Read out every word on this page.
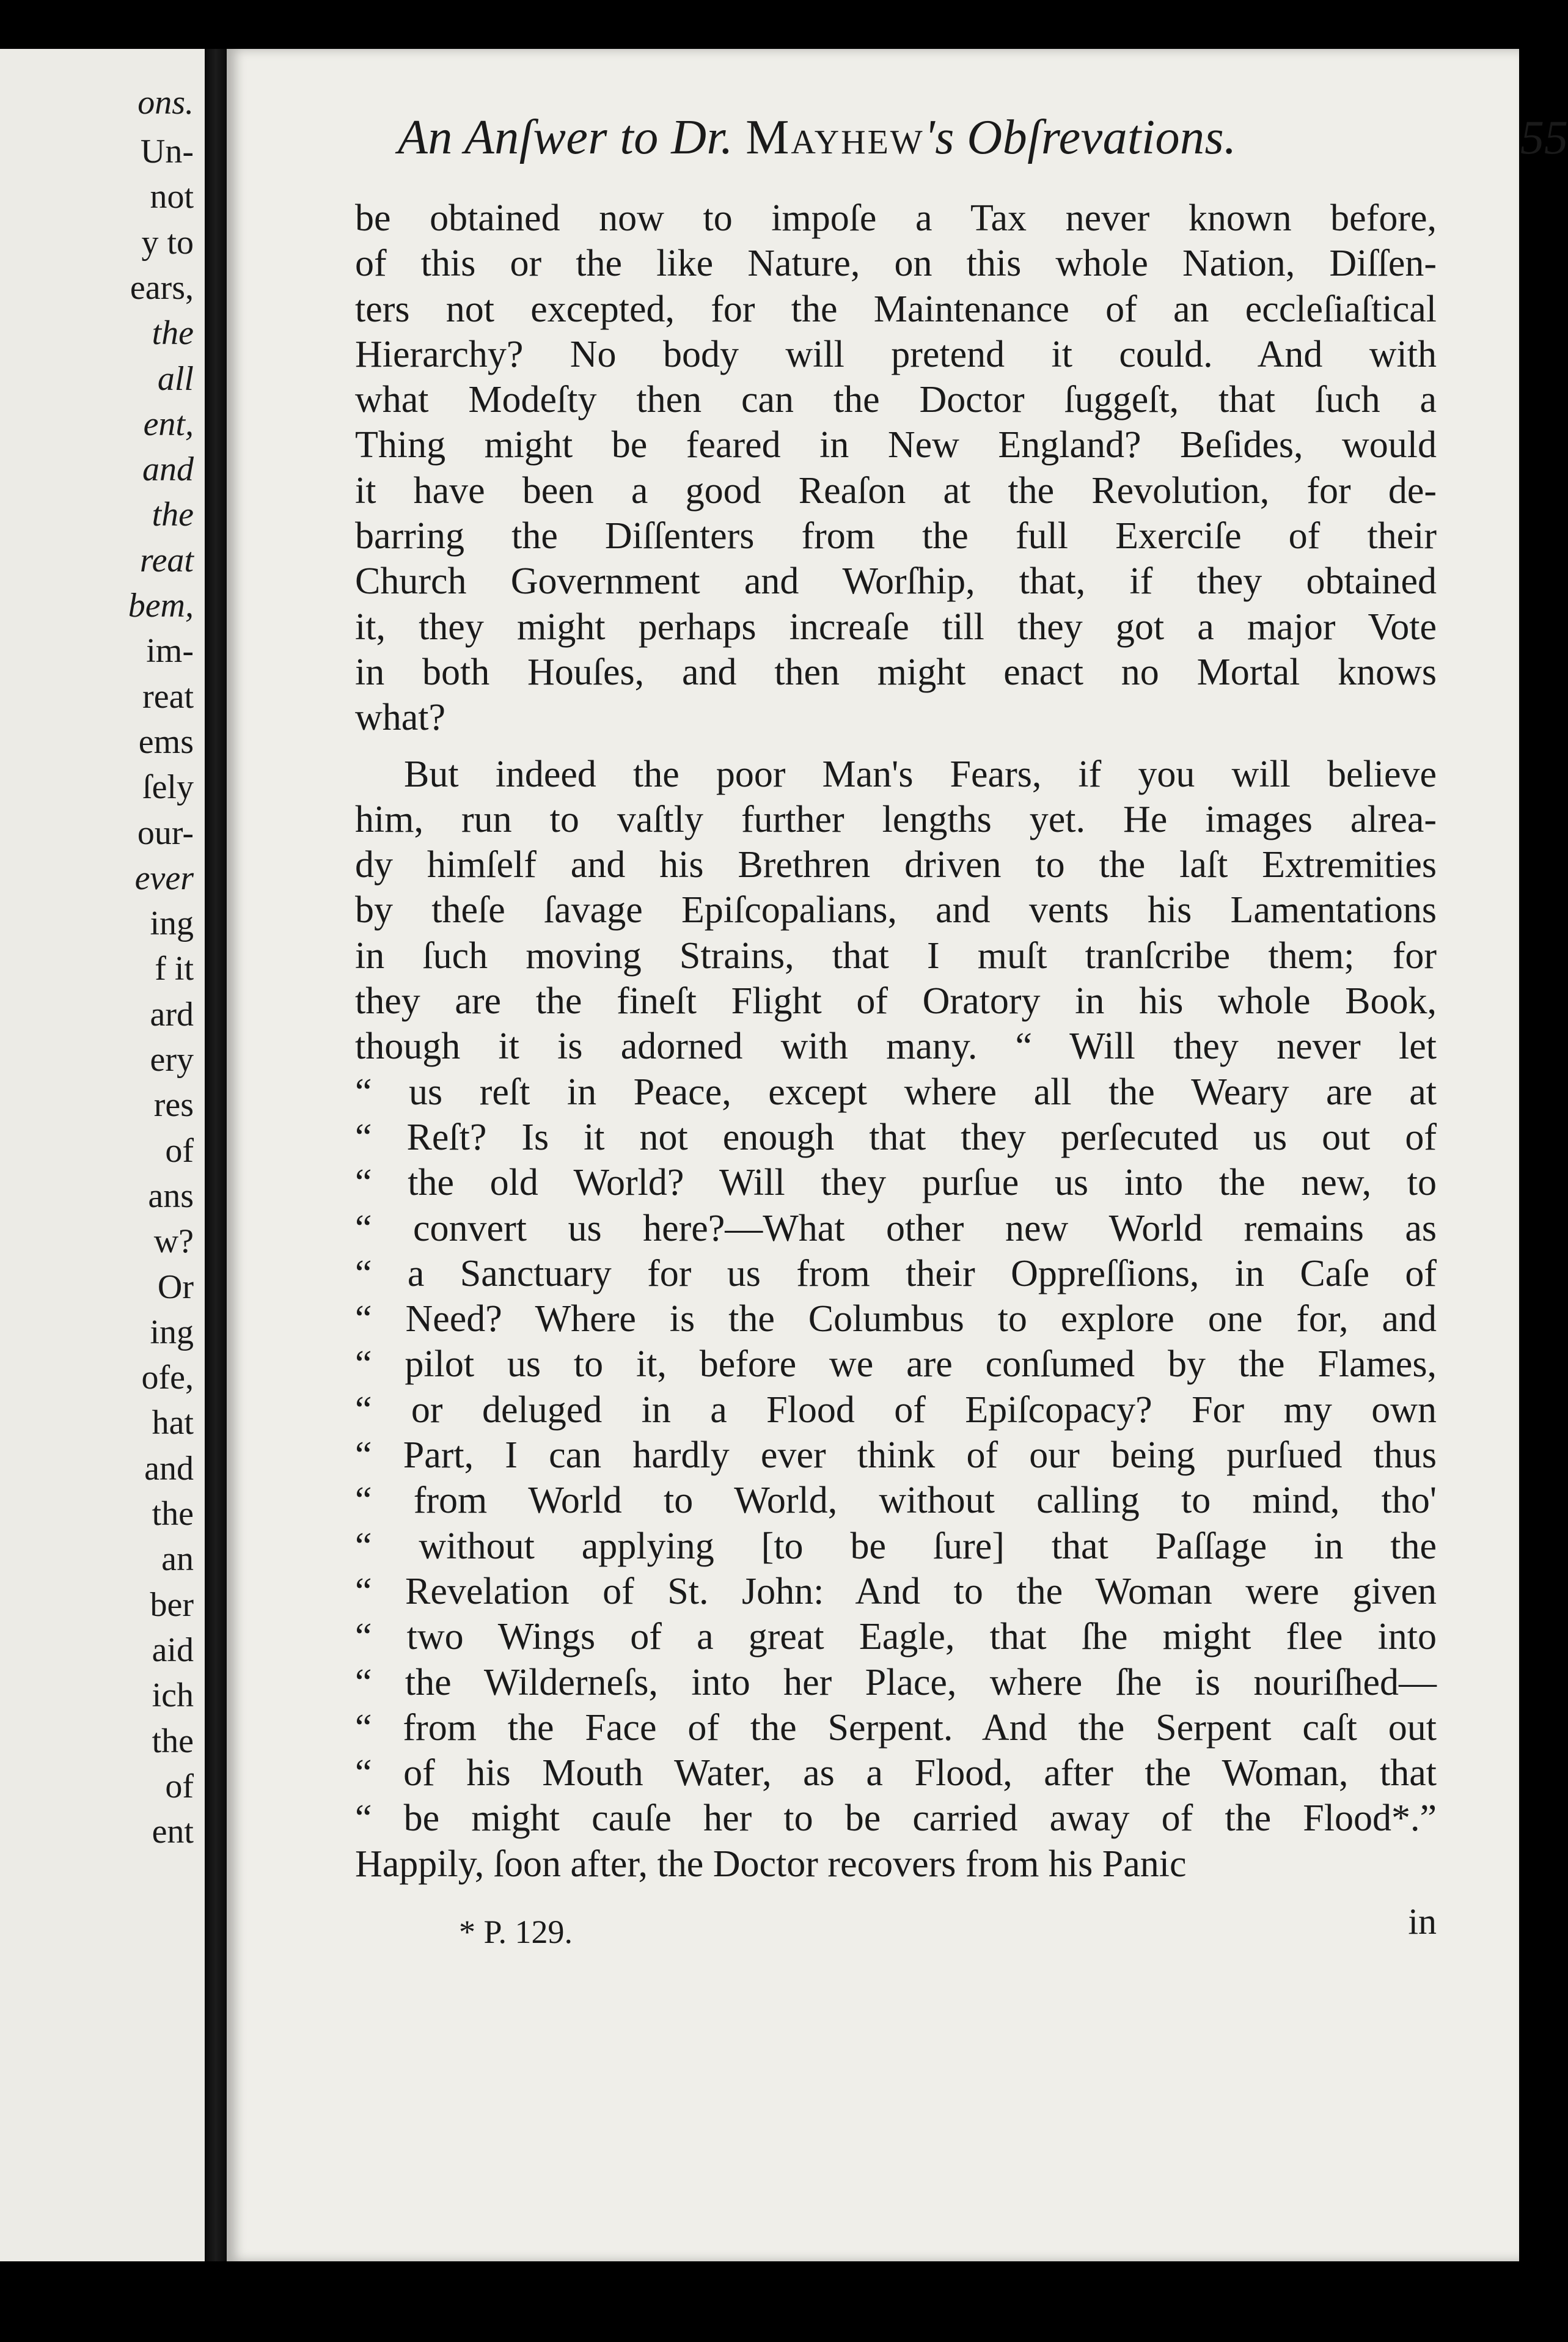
ons.
Un-
not
y to
ears,
the
all
ent,
and
the
reat
bem,
im-
reat
ems
ſely
our-
ever
ing
f it
ard
ery
res
of
ans
w?
Or
ing
ofe,
hat
and
the
an
ber
aid
ich
the
of
ent
An Anſwer to Dr. Mayhew's Obſrevations.	55
be obtained now to impoſe a Tax never known before,
of this or the like Nature, on this whole Nation, Diſſen-
ters not excepted, for the Maintenance of an eccleſiaſtical
Hierarchy? No body will pretend it could. And with
what Modeſty then can the Doctor ſuggeſt, that ſuch a
Thing might be feared in New England? Beſides, would
it have been a good Reaſon at the Revolution, for de-
barring the Diſſenters from the full Exerciſe of their
Church Government and Worſhip, that, if they obtained
it, they might perhaps increaſe till they got a major Vote
in both Houſes, and then might enact no Mortal knows
what?
But indeed the poor Man's Fears, if you will believe
him, run to vaſtly further lengths yet. He images alrea-
dy himſelf and his Brethren driven to the laſt Extremities
by theſe ſavage Epiſcopalians, and vents his Lamentations
in ſuch moving Strains, that I muſt tranſcribe them; for
they are the fineſt Flight of Oratory in his whole Book,
though it is adorned with many. “ Will they never let
“ us reſt in Peace, except where all the Weary are at
“ Reſt? Is it not enough that they perſecuted us out of
“ the old World? Will they purſue us into the new, to
“ convert us here?—What other new World remains as
“ a Sanctuary for us from their Oppreſſions, in Caſe of
“ Need? Where is the Columbus to explore one for, and
“ pilot us to it, before we are conſumed by the Flames,
“ or deluged in a Flood of Epiſcopacy? For my own
“ Part, I can hardly ever think of our being purſued thus
“ from World to World, without calling to mind, tho'
“ without applying [to be ſure] that Paſſage in the
“ Revelation of St. John: And to the Woman were given
“ two Wings of a great Eagle, that ſhe might flee into
“ the Wilderneſs, into her Place, where ſhe is nouriſhed—
“ from the Face of the Serpent. And the Serpent caſt out
“ of his Mouth Water, as a Flood, after the Woman, that
“ be might cauſe her to be carried away of the Flood*.”
Happily, ſoon after, the Doctor recovers from his Panic
* P. 129.	in
